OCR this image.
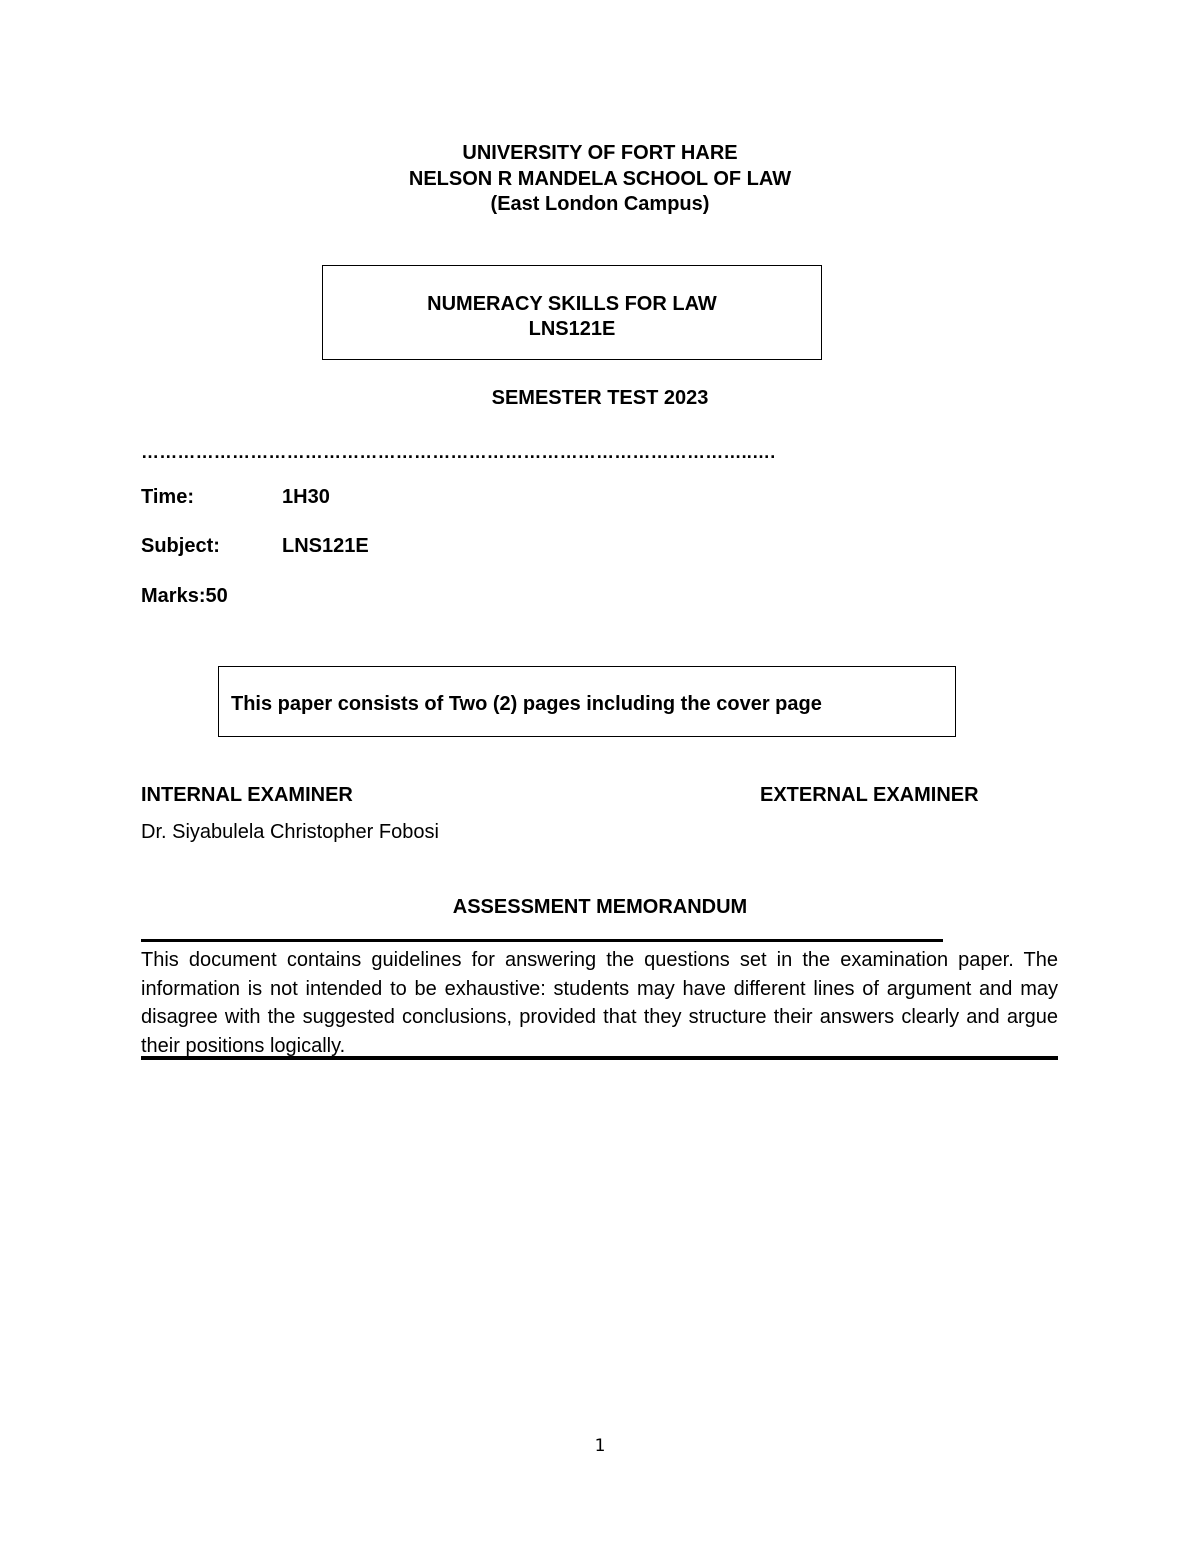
UNIVERSITY OF FORT HARE
NELSON R MANDELA SCHOOL OF LAW
(East London Campus)
NUMERACY SKILLS FOR LAW
LNS121E
SEMESTER TEST 2023
………………………………………………………………………………………..….
Time:	1H30
Subject:	LNS121E
Marks:50
This paper consists of Two (2) pages including the cover page
INTERNAL EXAMINER	EXTERNAL EXAMINER
Dr. Siyabulela Christopher Fobosi
ASSESSMENT MEMORANDUM
This document contains guidelines for answering the questions set in the examination paper. The information is not intended to be exhaustive: students may have different lines of argument and may disagree with the suggested conclusions, provided that they structure their answers clearly and argue their positions logically.
1
